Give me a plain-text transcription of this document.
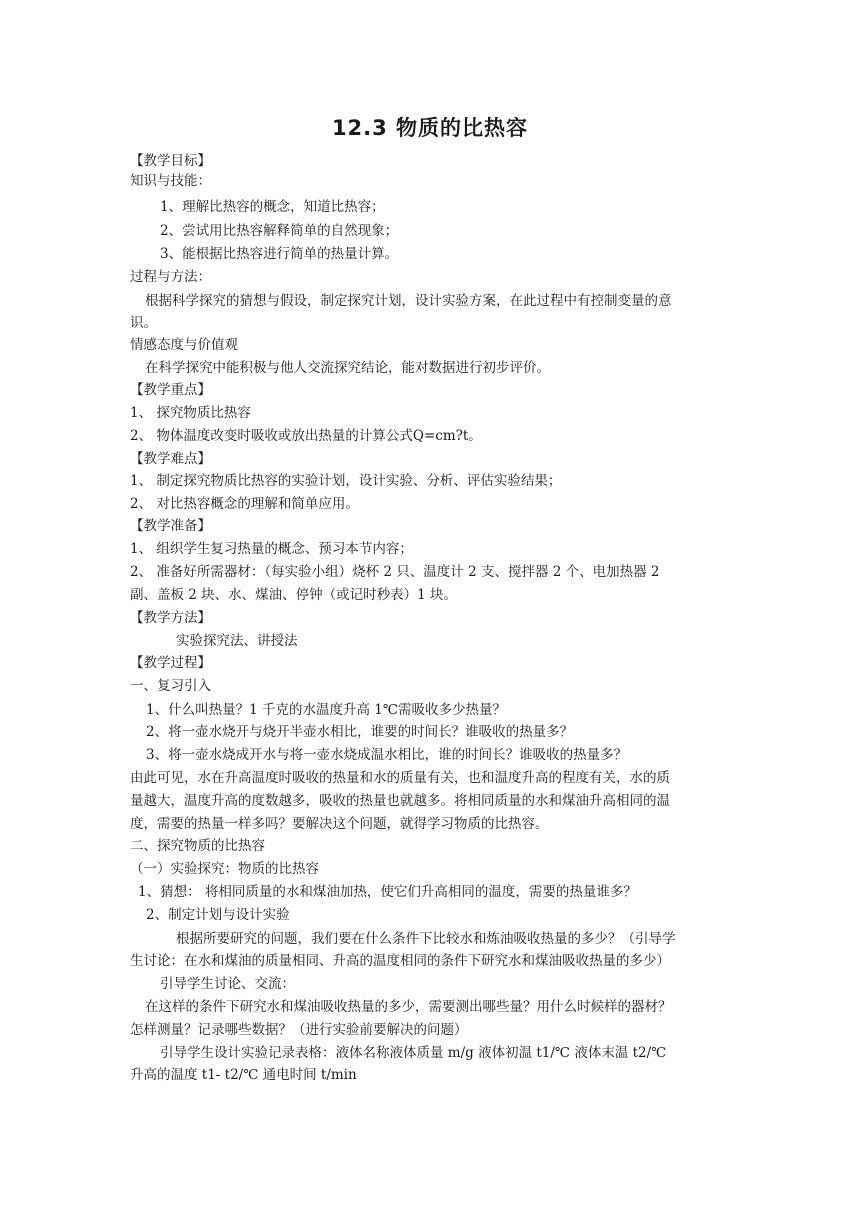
12.3 物质的比热容
【教学目标】
知识与技能：
1、理解比热容的概念，知道比热容；
2、尝试用比热容解释简单的自然现象；
3、能根据比热容进行简单的热量计算。
过程与方法：
根据科学探究的猜想与假设，制定探究计划，设计实验方案，在此过程中有控制变量的意
识。
情感态度与价值观
在科学探究中能积极与他人交流探究结论，能对数据进行初步评价。
【教学重点】
1、 探究物质比热容
2、 物体温度改变时吸收或放出热量的计算公式Q=cm?t。
【教学难点】
1、 制定探究物质比热容的实验计划，设计实验、分析、评估实验结果；
2、 对比热容概念的理解和简单应用。
【教学准备】
1、 组织学生复习热量的概念、预习本节内容；
2、 准备好所需器材：（每实验小组）烧杯 2 只、温度计 2 支、搅拌器 2 个、电加热器 2
副、盖板 2 块、水、煤油、停钟（或记时秒表）1 块。
【教学方法】
实验探究法、讲授法
【教学过程】
一、复习引入
1、什么叫热量？1 千克的水温度升高 1℃需吸收多少热量？
2、将一壶水烧开与烧开半壶水相比，谁要的时间长？谁吸收的热量多？
3、将一壶水烧成开水与将一壶水烧成温水相比，谁的时间长？谁吸收的热量多？
由此可见，水在升高温度时吸收的热量和水的质量有关，也和温度升高的程度有关，水的质
量越大，温度升高的度数越多，吸收的热量也就越多。将相同质量的水和煤油升高相同的温
度，需要的热量一样多吗？要解决这个问题，就得学习物质的比热容。
二、探究物质的比热容
（一）实验探究：物质的比热容
1、猜想： 将相同质量的水和煤油加热，使它们升高相同的温度，需要的热量谁多？
2、制定计划与设计实验
根据所要研究的问题，我们要在什么条件下比较水和炼油吸收热量的多少？（引导学
生讨论：在水和煤油的质量相同、升高的温度相同的条件下研究水和煤油吸收热量的多少）
引导学生讨论、交流：
在这样的条件下研究水和煤油吸收热量的多少，需要测出哪些量？用什么时候样的器材？
怎样测量？记录哪些数据？（进行实验前要解决的问题）
引导学生设计实验记录表格：液体名称液体质量 m/g 液体初温 t1/℃ 液体末温 t2/℃
升高的温度 t1- t2/℃ 通电时间 t/min
